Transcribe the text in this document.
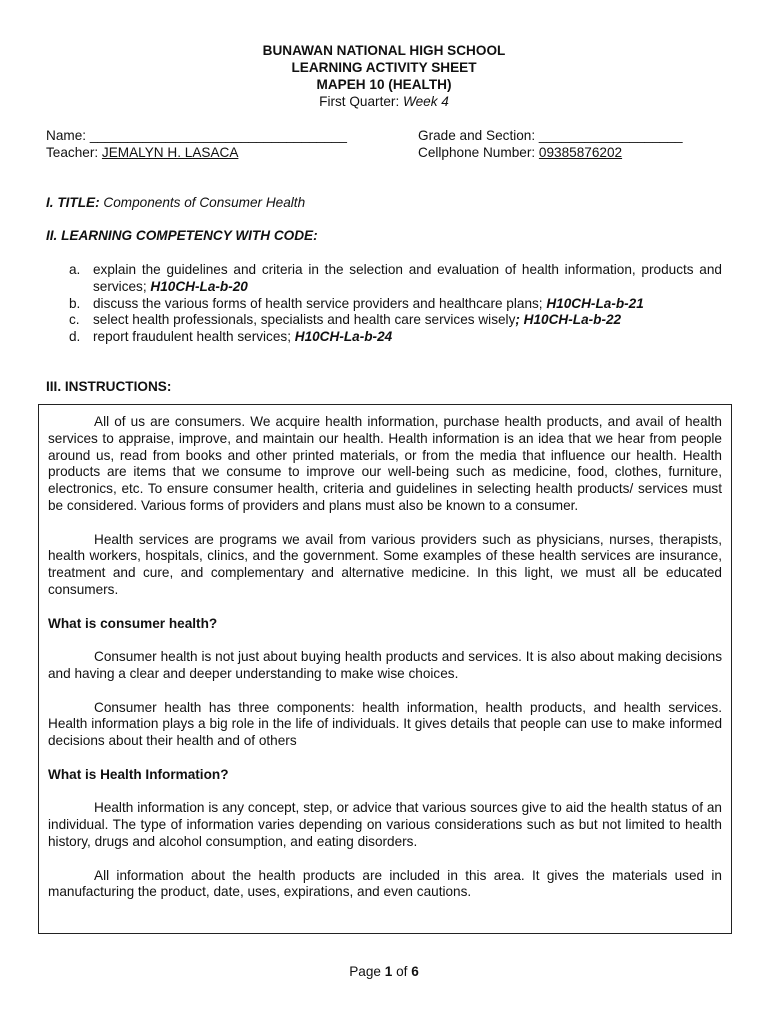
BUNAWAN NATIONAL HIGH SCHOOL
LEARNING ACTIVITY SHEET
MAPEH 10 (HEALTH)
First Quarter: Week 4
Name: __________________________________	Grade and Section: ___________________
Teacher: JEMALYN H. LASACA	Cellphone Number: 09385876202
I. TITLE: Components of Consumer Health
II. LEARNING COMPETENCY WITH CODE:
a. explain the guidelines and criteria in the selection and evaluation of health information, products and services; H10CH-La-b-20
b. discuss the various forms of health service providers and healthcare plans; H10CH-La-b-21
c. select health professionals, specialists and health care services wisely; H10CH-La-b-22
d. report fraudulent health services; H10CH-La-b-24
III. INSTRUCTIONS:

All of us are consumers. We acquire health information, purchase health products, and avail of health services to appraise, improve, and maintain our health. Health information is an idea that we hear from people around us, read from books and other printed materials, or from the media that influence our health. Health products are items that we consume to improve our well-being such as medicine, food, clothes, furniture, electronics, etc. To ensure consumer health, criteria and guidelines in selecting health products/ services must be considered. Various forms of providers and plans must also be known to a consumer.

Health services are programs we avail from various providers such as physicians, nurses, therapists, health workers, hospitals, clinics, and the government. Some examples of these health services are insurance, treatment and cure, and complementary and alternative medicine. In this light, we must all be educated consumers.

What is consumer health?

Consumer health is not just about buying health products and services. It is also about making decisions and having a clear and deeper understanding to make wise choices.

Consumer health has three components: health information, health products, and health services. Health information plays a big role in the life of individuals. It gives details that people can use to make informed decisions about their health and of others

What is Health Information?

Health information is any concept, step, or advice that various sources give to aid the health status of an individual. The type of information varies depending on various considerations such as but not limited to health history, drugs and alcohol consumption, and eating disorders.

All information about the health products are included in this area. It gives the materials used in manufacturing the product, date, uses, expirations, and even cautions.

Page 1 of 6
